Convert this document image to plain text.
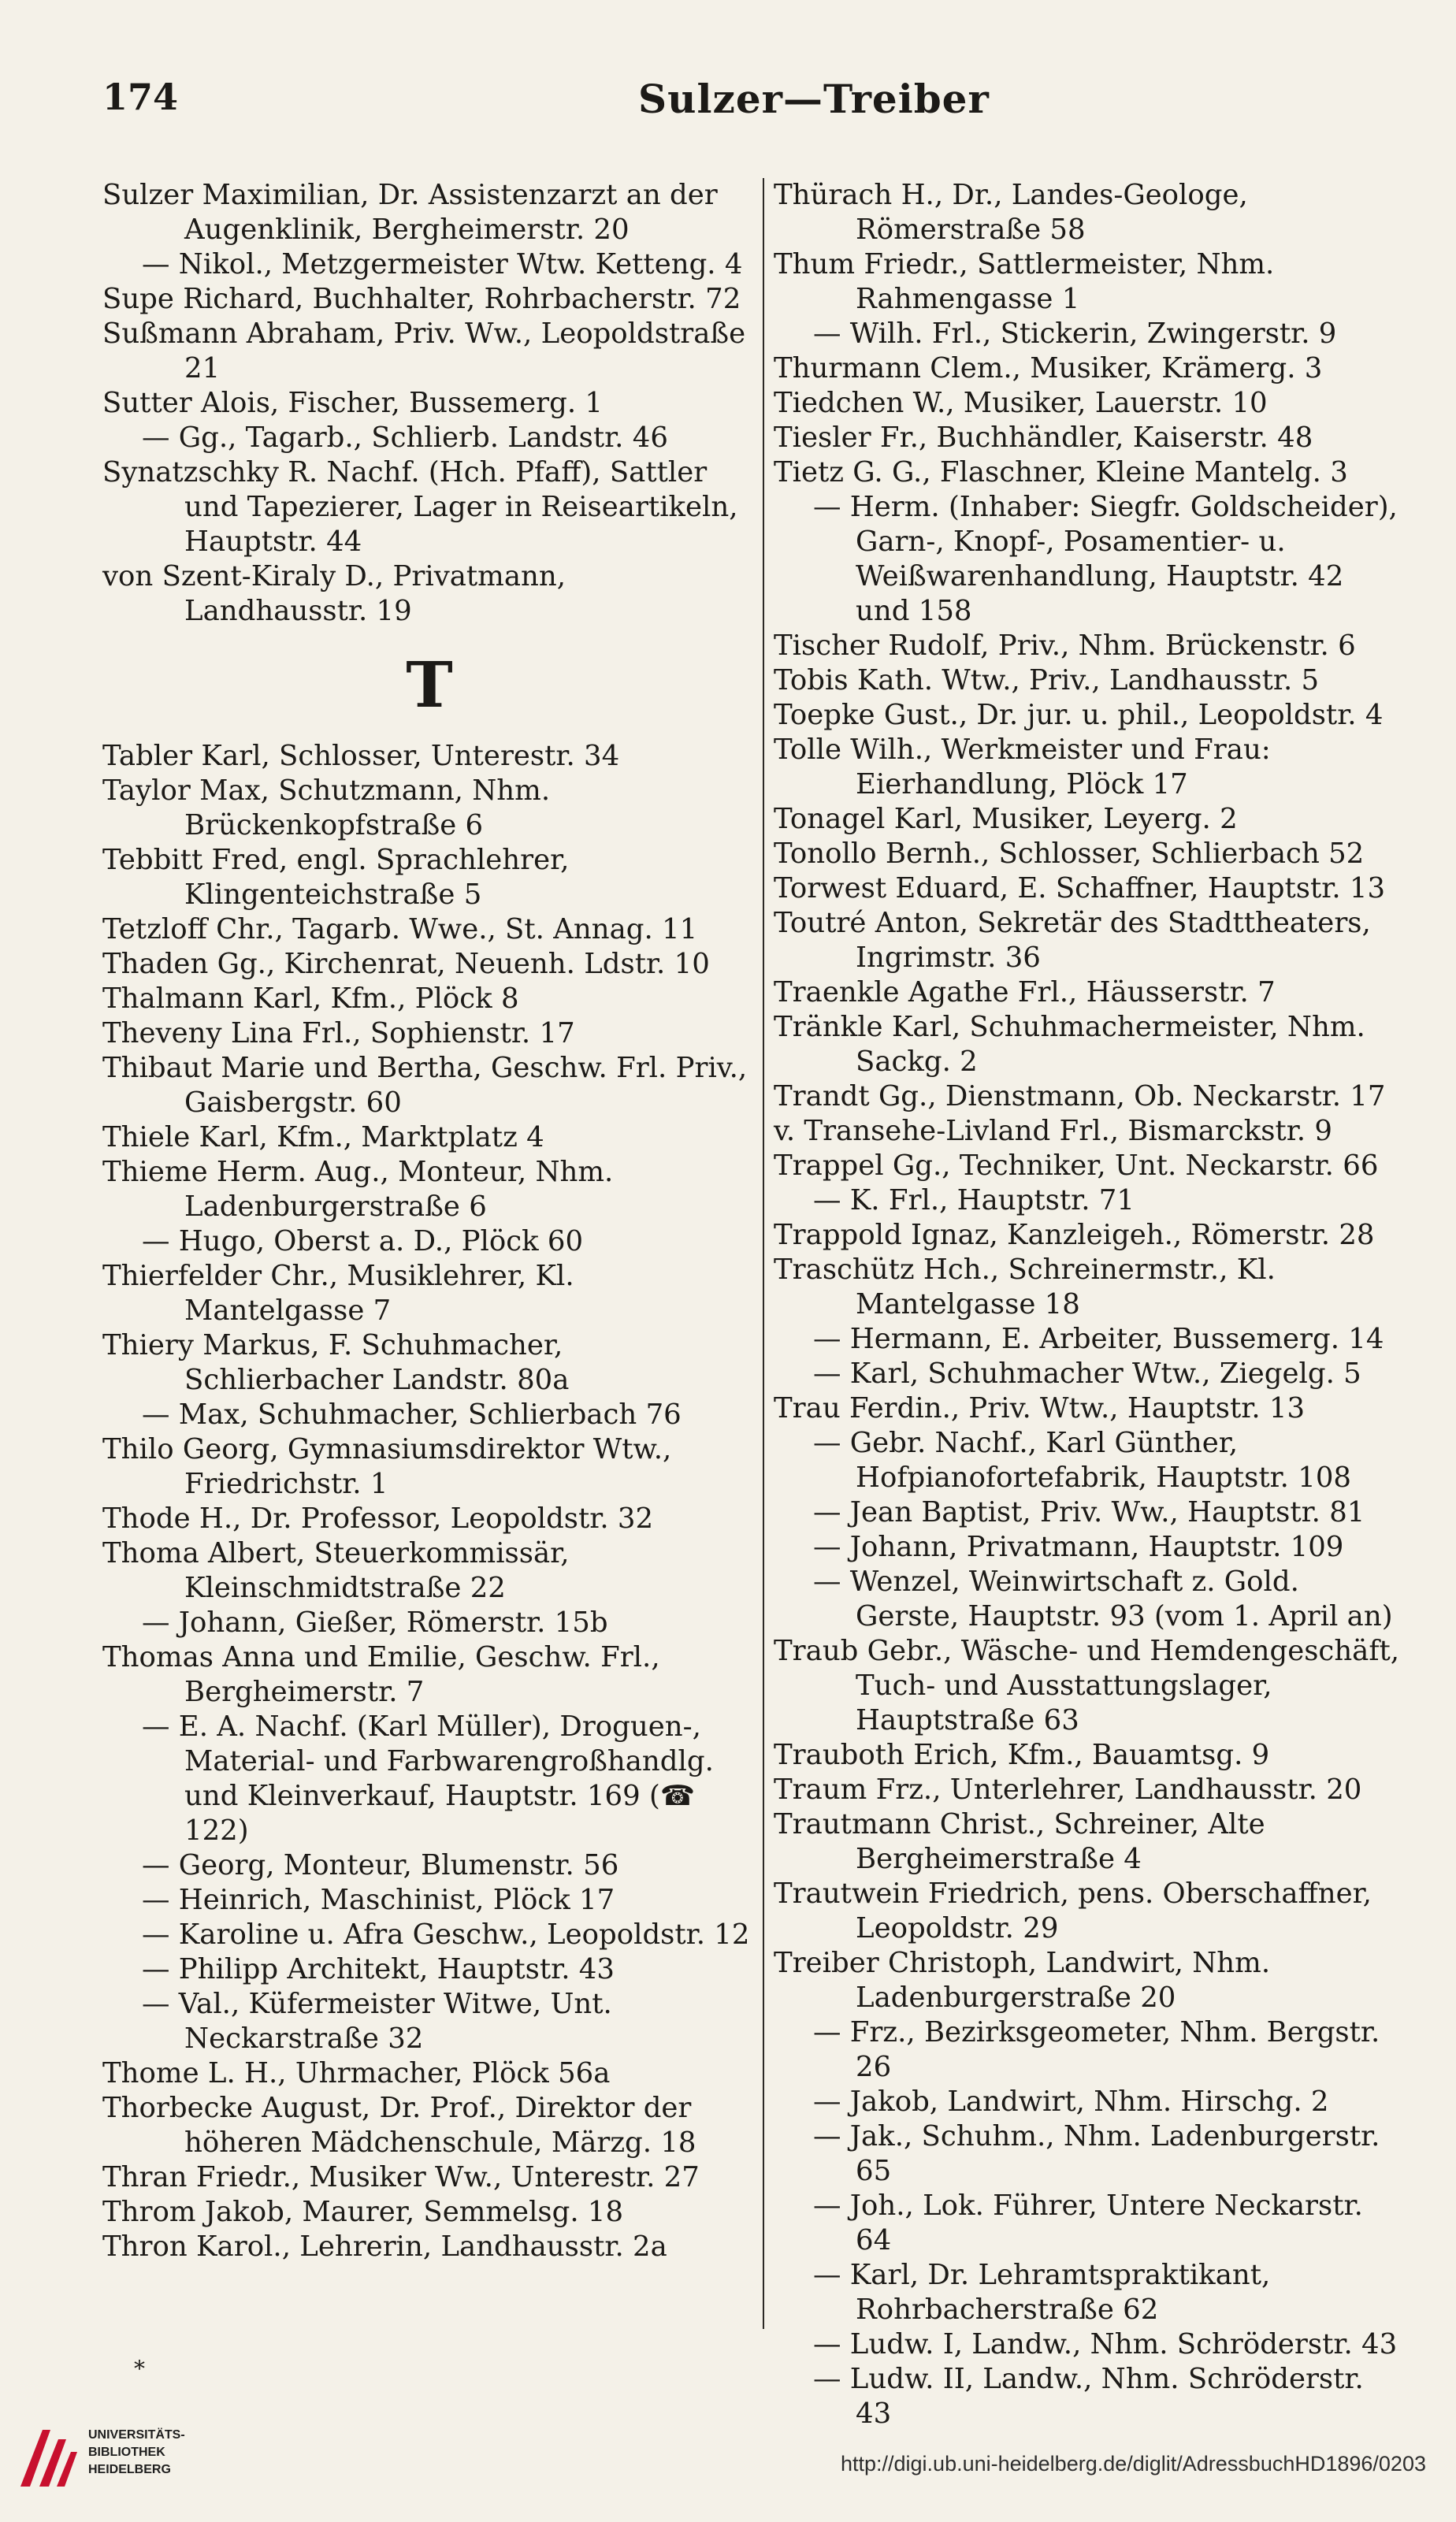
174	Sulzer—Treiber
Sulzer Maximilian, Dr. Assistenzarzt an der Augenklinik, Bergheimerstr. 20
— Nikol., Metzgermeister Wtw. Ketteng. 4
Supe Richard, Buchhalter, Rohrbacherstr. 72
Sußmann Abraham, Priv. Ww., Leopoldstraße 21
Sutter Alois, Fischer, Bussemerg. 1
— Gg., Tagarb., Schlierb. Landstr. 46
Synatzschky R. Nachf. (Hch. Pfaff), Sattler und Tapezierer, Lager in Reiseartikeln, Hauptstr. 44
von Szent-Kiraly D., Privatmann, Landhausstr. 19
T
Tabler Karl, Schlosser, Unterestr. 34
Taylor Max, Schutzmann, Nhm. Brückenkopfstraße 6
Tebbitt Fred, engl. Sprachlehrer, Klingenteichstraße 5
Tetzloff Chr., Tagarb. Wwe., St. Annag. 11
Thaden Gg., Kirchenrat, Neuenh. Ldstr. 10
Thalmann Karl, Kfm., Plöck 8
Theveny Lina Frl., Sophienstr. 17
Thibaut Marie und Bertha, Geschw. Frl. Priv., Gaisbergstr. 60
Thiele Karl, Kfm., Marktplatz 4
Thieme Herm. Aug., Monteur, Nhm. Ladenburgerstraße 6
— Hugo, Oberst a. D., Plöck 60
Thierfelder Chr., Musiklehrer, Kl. Mantelgasse 7
Thiery Markus, F. Schuhmacher, Schlierbacher Landstr. 80a
— Max, Schuhmacher, Schlierbach 76
Thilo Georg, Gymnasiumsdirektor Wtw., Friedrichstr. 1
Thode H., Dr. Professor, Leopoldstr. 32
Thoma Albert, Steuerkommissär, Kleinschmidtstraße 22
— Johann, Gießer, Römerstr. 15b
Thomas Anna und Emilie, Geschw. Frl., Bergheimerstr. 7
— E. A. Nachf. (Karl Müller), Droguen-, Material- und Farbwarengroßhandlg. und Kleinverkauf, Hauptstr. 169 (☎ 122)
— Georg, Monteur, Blumenstr. 56
— Heinrich, Maschinist, Plöck 17
— Karoline u. Afra Geschw., Leopoldstr. 12
— Philipp Architekt, Hauptstr. 43
— Val., Küfermeister Witwe, Unt. Neckarstraße 32
Thome L. H., Uhrmacher, Plöck 56a
Thorbecke August, Dr. Prof., Direktor der höheren Mädchenschule, Märzg. 18
Thran Friedr., Musiker Ww., Unterestr. 27
Throm Jakob, Maurer, Semmelsg. 18
Thron Karol., Lehrerin, Landhausstr. 2a
Thürach H., Dr., Landes-Geologe, Römerstraße 58
Thum Friedr., Sattlermeister, Nhm. Rahmengasse 1
— Wilh. Frl., Stickerin, Zwingerstr. 9
Thurmann Clem., Musiker, Krämerg. 3
Tiedchen W., Musiker, Lauerstr. 10
Tiesler Fr., Buchhändler, Kaiserstr. 48
Tietz G. G., Flaschner, Kleine Mantelg. 3
— Herm. (Inhaber: Siegfr. Goldscheider), Garn-, Knopf-, Posamentier- u. Weißwarenhandlung, Hauptstr. 42 und 158
Tischer Rudolf, Priv., Nhm. Brückenstr. 6
Tobis Kath. Wtw., Priv., Landhausstr. 5
Toepke Gust., Dr. jur. u. phil., Leopoldstr. 4
Tolle Wilh., Werkmeister und Frau: Eierhandlung, Plöck 17
Tonagel Karl, Musiker, Leyerg. 2
Tonollo Bernh., Schlosser, Schlierbach 52
Torwest Eduard, E. Schaffner, Hauptstr. 13
Toutré Anton, Sekretär des Stadttheaters, Ingrimstr. 36
Traenkle Agathe Frl., Häusserstr. 7
Tränkle Karl, Schuhmachermeister, Nhm. Sackg. 2
Trandt Gg., Dienstmann, Ob. Neckarstr. 17
v. Transehe-Livland Frl., Bismarckstr. 9
Trappel Gg., Techniker, Unt. Neckarstr. 66
— K. Frl., Hauptstr. 71
Trappold Ignaz, Kanzleigeh., Römerstr. 28
Traschütz Hch., Schreinermstr., Kl. Mantelgasse 18
— Hermann, E. Arbeiter, Bussemerg. 14
— Karl, Schuhmacher Wtw., Ziegelg. 5
Trau Ferdin., Priv. Wtw., Hauptstr. 13
— Gebr. Nachf., Karl Günther, Hofpianofortefabrik, Hauptstr. 108
— Jean Baptist, Priv. Ww., Hauptstr. 81
— Johann, Privatmann, Hauptstr. 109
— Wenzel, Weinwirtschaft z. Gold. Gerste, Hauptstr. 93 (vom 1. April an)
Traub Gebr., Wäsche- und Hemdengeschäft, Tuch- und Ausstattungslager, Hauptstraße 63
Trauboth Erich, Kfm., Bauamtsg. 9
Traum Frz., Unterlehrer, Landhausstr. 20
Trautmann Christ., Schreiner, Alte Bergheimerstraße 4
Trautwein Friedrich, pens. Oberschaffner, Leopoldstr. 29
Treiber Christoph, Landwirt, Nhm. Ladenburgerstraße 20
— Frz., Bezirksgeometer, Nhm. Bergstr. 26
— Jakob, Landwirt, Nhm. Hirschg. 2
— Jak., Schuhm., Nhm. Ladenburgerstr. 65
— Joh., Lok. Führer, Untere Neckarstr. 64
— Karl, Dr. Lehramtspraktikant, Rohrbacherstraße 62
— Ludw. I, Landw., Nhm. Schröderstr. 43
— Ludw. II, Landw., Nhm. Schröderstr. 43
*
UNIVERSITÄTS-
BIBLIOTHEK
HEIDELBERG	http://digi.ub.uni-heidelberg.de/diglit/AdressbuchHD1896/0203
